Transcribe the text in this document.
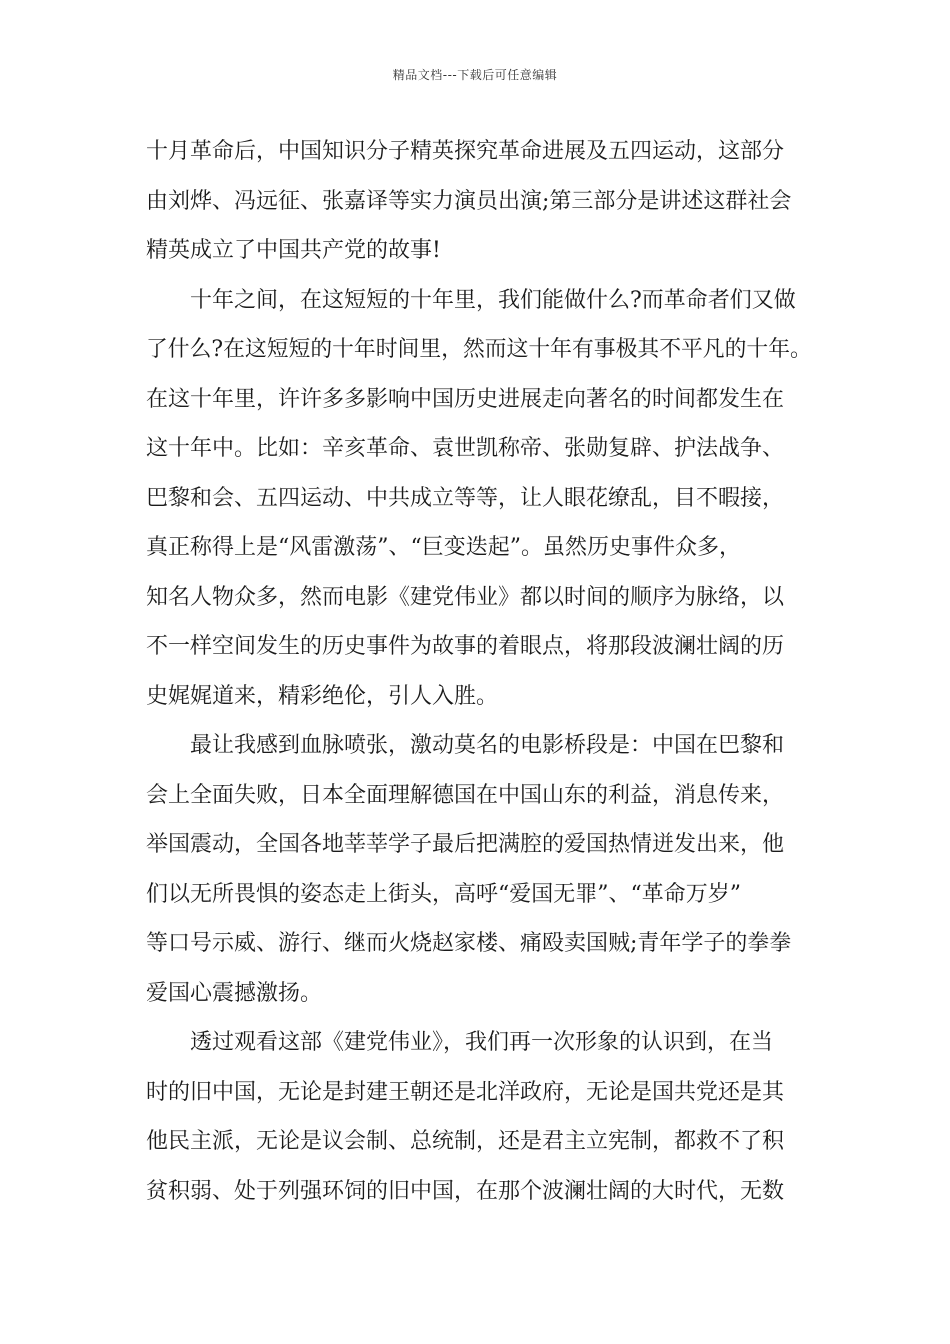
精品文档---下载后可任意编辑
十月革命后，中国知识分子精英探究革命进展及五四运动，这部分
由刘烨、冯远征、张嘉译等实力演员出演;第三部分是讲述这群社会
精英成立了中国共产党的故事!
　　十年之间，在这短短的十年里，我们能做什么?而革命者们又做
了什么?在这短短的十年时间里，然而这十年有事极其不平凡的十年。
在这十年里，许许多多影响中国历史进展走向著名的时间都发生在
这十年中。比如：辛亥革命、袁世凯称帝、张勋复辟、护法战争、
巴黎和会、五四运动、中共成立等等，让人眼花缭乱，目不暇接，
真正称得上是“风雷激荡”、“巨变迭起”。虽然历史事件众多，
知名人物众多，然而电影《建党伟业》都以时间的顺序为脉络，以
不一样空间发生的历史事件为故事的着眼点，将那段波澜壮阔的历
史娓娓道来，精彩绝伦，引人入胜。
　　最让我感到血脉喷张，激动莫名的电影桥段是：中国在巴黎和
会上全面失败，日本全面理解德国在中国山东的利益，消息传来，
举国震动，全国各地莘莘学子最后把满腔的爱国热情迸发出来，他
们以无所畏惧的姿态走上街头，高呼“爱国无罪”、“革命万岁”
等口号示威、游行、继而火烧赵家楼、痛殴卖国贼;青年学子的拳拳
爱国心震撼激扬。
　　透过观看这部《建党伟业》，我们再一次形象的认识到，在当
时的旧中国，无论是封建王朝还是北洋政府，无论是国共党还是其
他民主派，无论是议会制、总统制，还是君主立宪制，都救不了积
贫积弱、处于列强环饲的旧中国，在那个波澜壮阔的大时代，无数
